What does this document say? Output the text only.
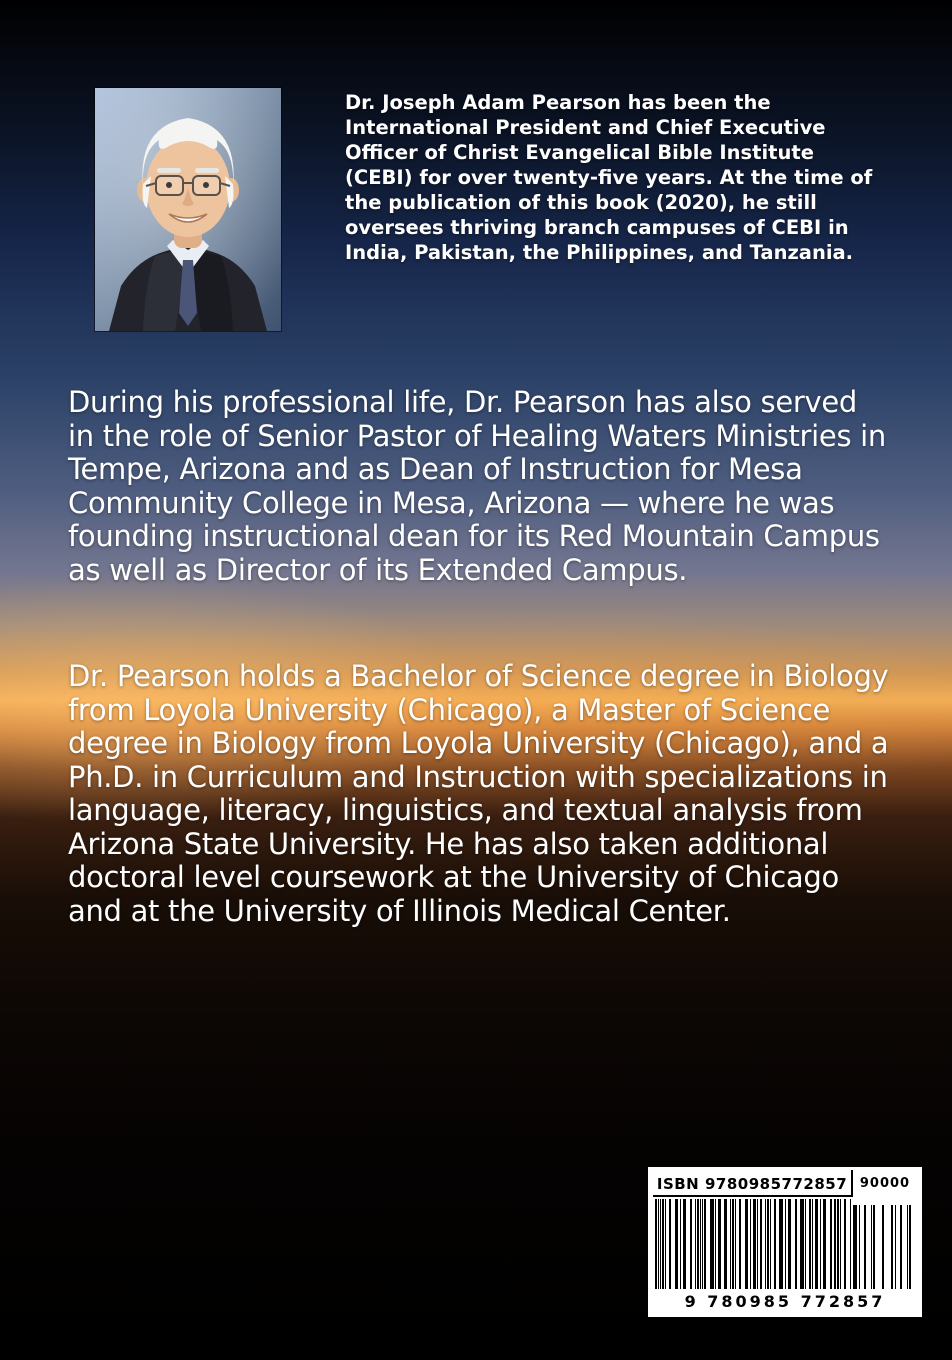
Dr. Joseph Adam Pearson has been the International President and Chief Executive Officer of Christ Evangelical Bible Institute (CEBI) for over twenty-five years. At the time of the publication of this book (2020), he still oversees thriving branch campuses of CEBI in India, Pakistan, the Philippines, and Tanzania.

During his professional life, Dr. Pearson has also served in the role of Senior Pastor of Healing Waters Ministries in Tempe, Arizona and as Dean of Instruction for Mesa Community College in Mesa, Arizona — where he was founding instructional dean for its Red Mountain Campus as well as Director of its Extended Campus.

Dr. Pearson holds a Bachelor of Science degree in Biology from Loyola University (Chicago), a Master of Science degree in Biology from Loyola University (Chicago), and a Ph.D. in Curriculum and Instruction with specializations in language, literacy, linguistics, and textual analysis from Arizona State University. He has also taken additional doctoral level coursework at the University of Chicago and at the University of Illinois Medical Center.

ISBN 9780985772857 90000
9 780985 772857
